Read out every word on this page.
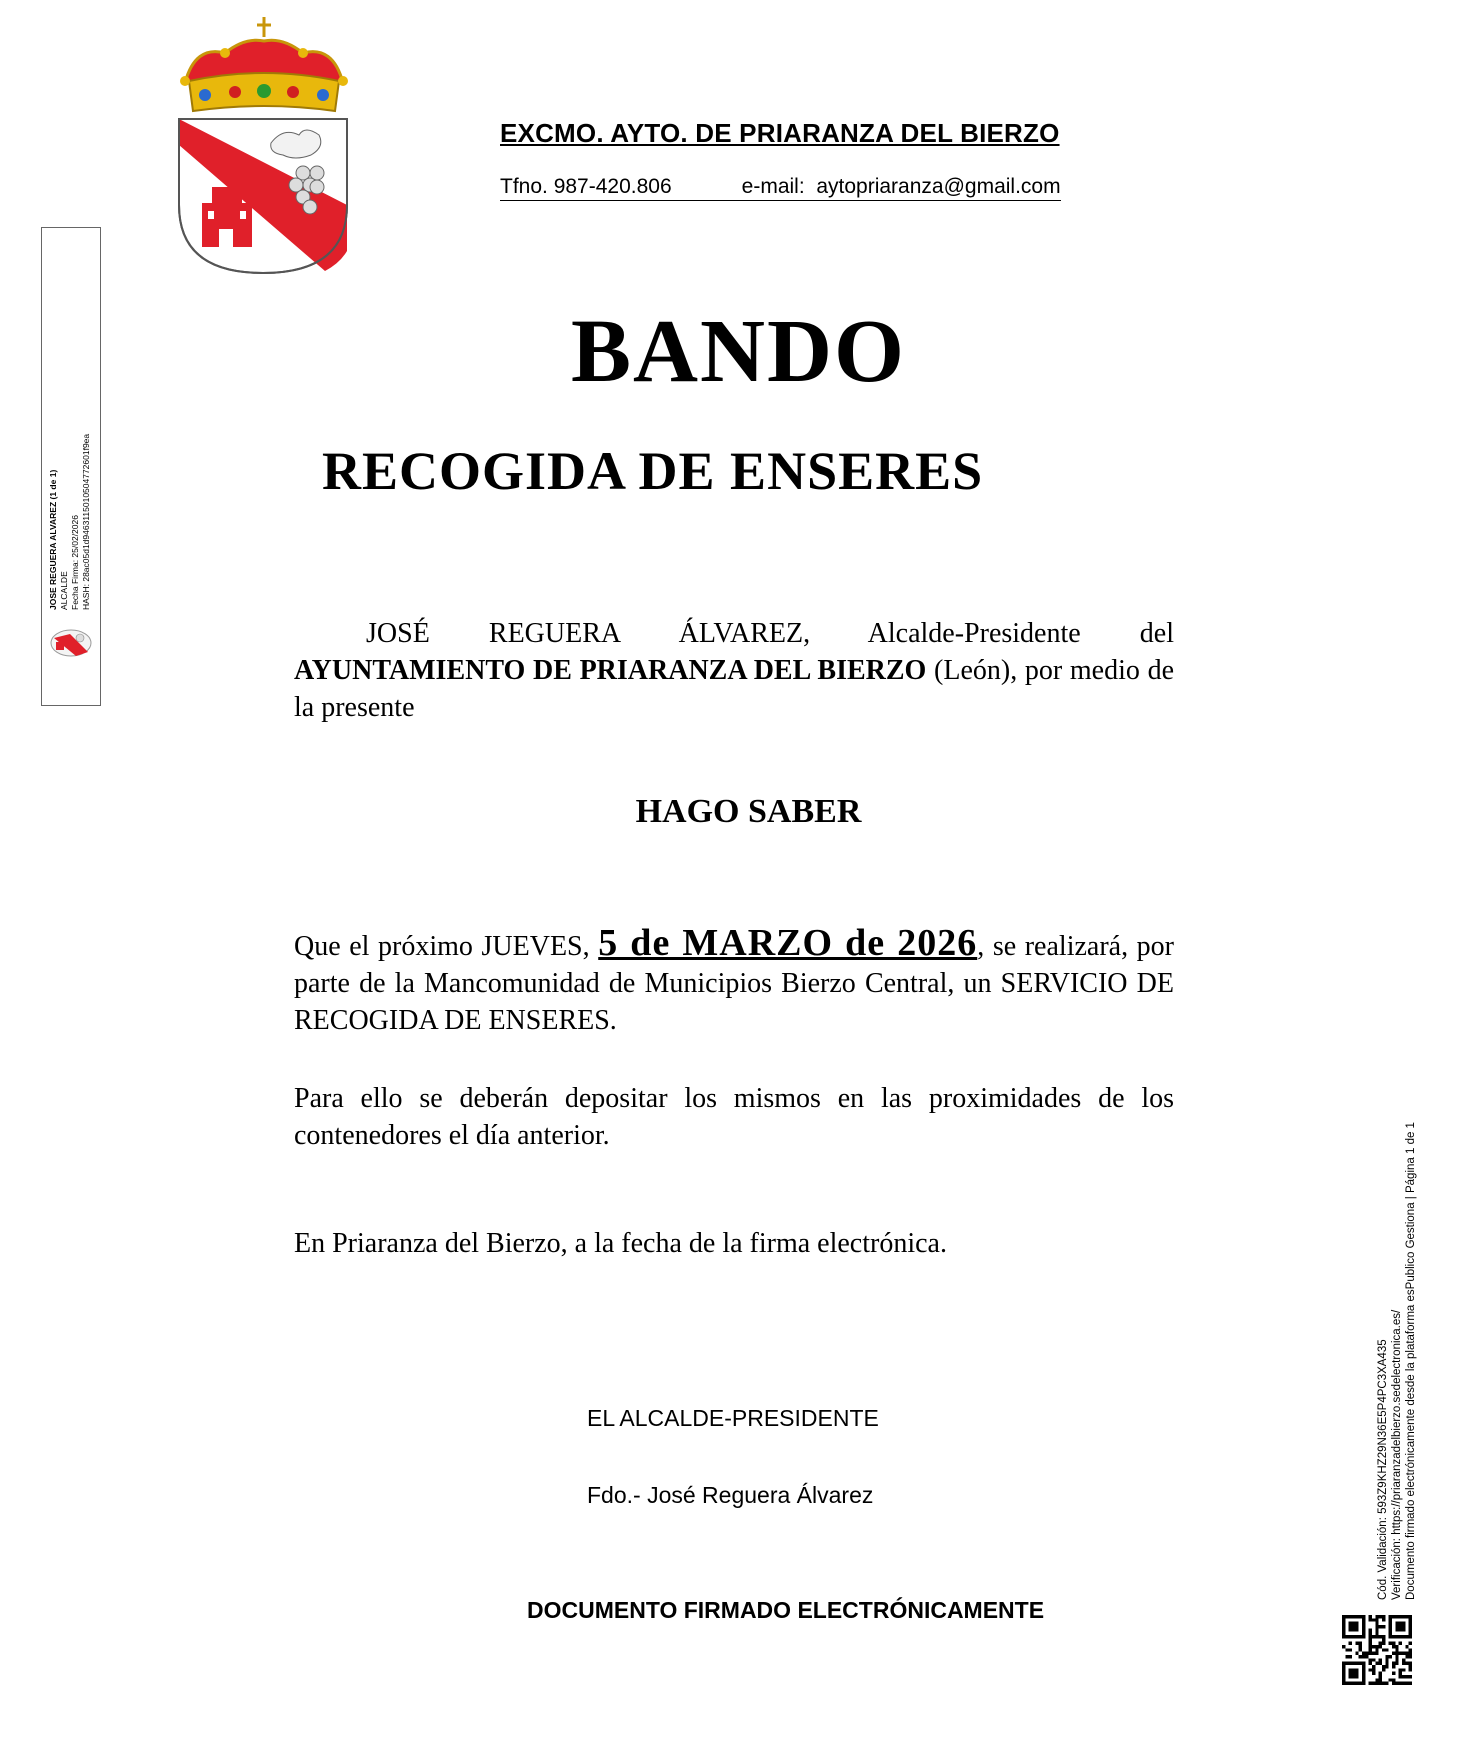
EXCMO. AYTO. DE PRIARANZA DEL BIERZO
Tfno. 987-420.806	e-mail:  aytopriaranza@gmail.com
BANDO
RECOGIDA DE ENSERES
JOSÉ REGUERA ÁLVAREZ, Alcalde-Presidente del AYUNTAMIENTO DE PRIARANZA DEL BIERZO (León), por medio de la presente
HAGO SABER
Que el próximo JUEVES, 5 de MARZO de 2026, se realizará, por parte de la Mancomunidad de Municipios Bierzo Central, un SERVICIO DE RECOGIDA DE ENSERES.
Para ello se deberán depositar los mismos en las proximidades de los contenedores el día anterior.
En Priaranza del Bierzo, a la fecha de la firma electrónica.
EL ALCALDE-PRESIDENTE
Fdo.- José Reguera Álvarez
DOCUMENTO FIRMADO ELECTRÓNICAMENTE
JOSE REGUERA ALVAREZ (1 de 1) ALCALDE Fecha Firma: 25/02/2026 HASH: 28ac05d1d9463115010504772601f9ea
Cód. Validación: 593Z9KHZ29N36E5P4PC3XA435 Verificación: https://priaranzadelbierzo.sedelectronica.es/ Documento firmado electrónicamente desde la plataforma esPublico Gestiona | Página 1 de 1
